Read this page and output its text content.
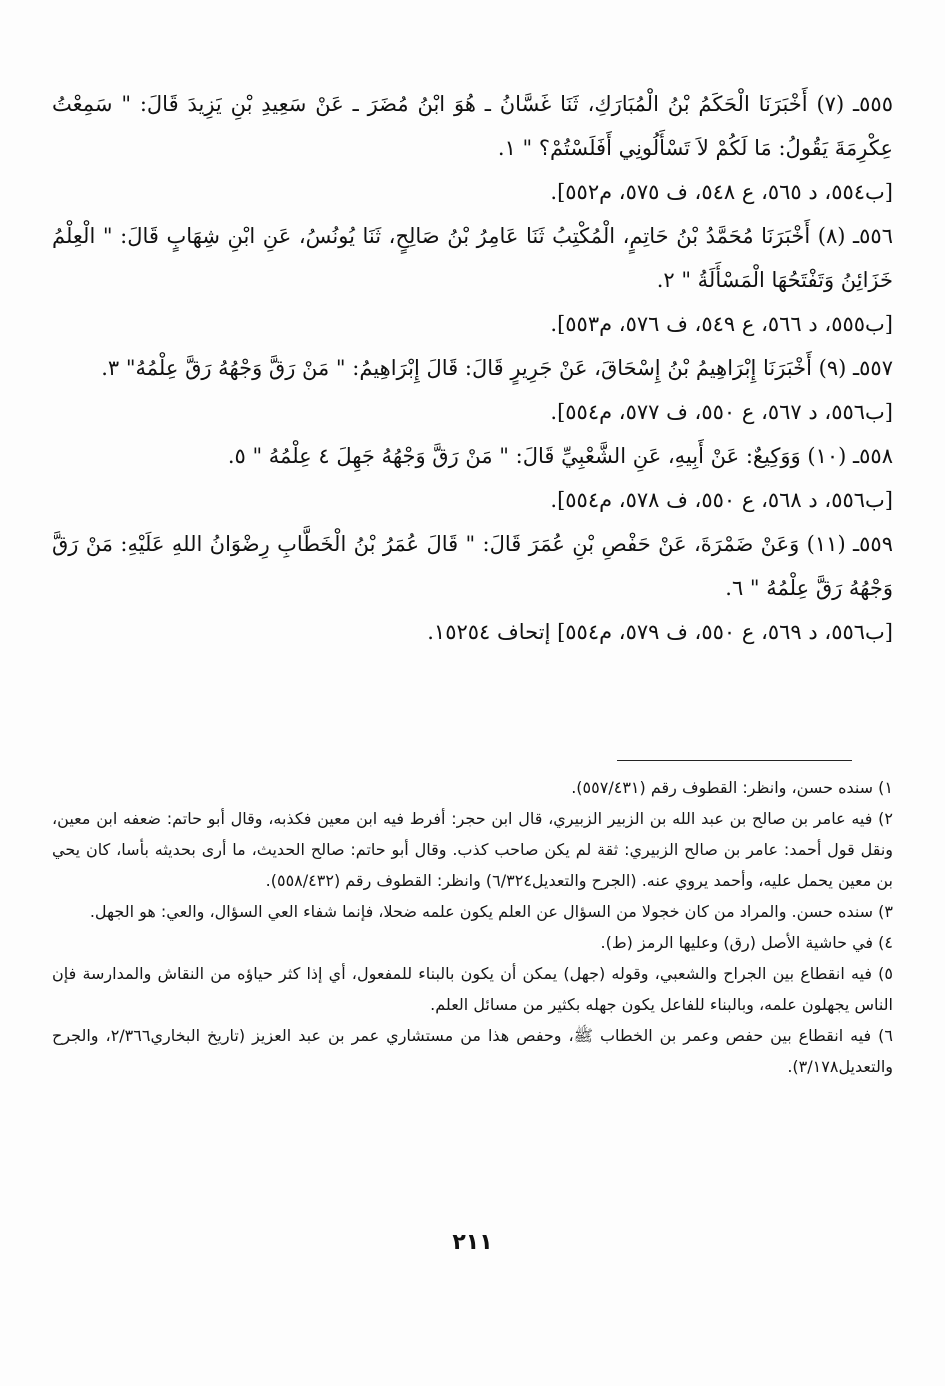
٥٥٥ـ (٧) أَخْبَرَنَا الْحَكَمُ بْنُ الْمُبَارَكِ، ثَنَا غَسَّانُ ـ هُوَ ابْنُ مُضَرَ ـ عَنْ سَعِيدِ بْنِ يَزِيدَ قَالَ: " سَمِعْتُ عِكْرِمَةَ يَقُولُ: مَا لَكُمْ لاَ تَسْأَلُونِي أَفَلَسْتُمْ؟ " ١.

[ب٥٥٤، د ٥٦٥، ع ٥٤٨، ف ٥٧٥، م٥٥٢].

٥٥٦ـ (٨) أَخْبَرَنَا مُحَمَّدُ بْنُ حَاتِمٍ، الْمُكْتِبُ ثَنَا عَامِرُ بْنُ صَالِحٍ، ثَنَا يُونُسُ، عَنِ ابْنِ شِهَابٍ قَالَ: " الْعِلْمُ خَزَائِنُ وَتَفْتَحُهَا الْمَسْأَلَةُ " ٢.

[ب٥٥٥، د ٥٦٦، ع ٥٤٩، ف ٥٧٦، م٥٥٣].

٥٥٧ـ (٩) أَخْبَرَنَا إِبْرَاهِيمُ بْنُ إِسْحَاقَ، عَنْ جَرِيرٍ قَالَ: قَالَ إِبْرَاهِيمُ: " مَنْ رَقَّ وَجْهُهُ رَقَّ عِلْمُهُ" ٣.

[ب٥٥٦، د ٥٦٧، ع ٥٥٠، ف ٥٧٧، م٥٥٤].

٥٥٨ـ (١٠) وَوَكِيعٌ: عَنْ أَبِيهِ، عَنِ الشَّعْبِيِّ قَالَ: " مَنْ رَقَّ وَجْهُهُ جَهِلَ ٤ عِلْمُهُ " ٥.

[ب٥٥٦، د ٥٦٨، ع ٥٥٠، ف ٥٧٨، م٥٥٤].

٥٥٩ـ (١١) وَعَنْ ضَمْرَةَ، عَنْ حَفْصِ بْنِ عُمَرَ قَالَ: " قَالَ عُمَرُ بْنُ الْخَطَّابِ رِضْوَانُ اللهِ عَلَيْهِ: مَنْ رَقَّ وَجْهُهُ رَقَّ عِلْمُهُ " ٦.

[ب٥٥٦، د ٥٦٩، ع ٥٥٠، ف ٥٧٩، م٥٥٤] إتحاف ١٥٢٥٤.

١) سنده حسن، وانظر: القطوف رقم (٥٥٧/٤٣١).

٢) فيه عامر بن صالح بن عبد الله بن الزبير الزبيري، قال ابن حجر: أفرط فيه ابن معين فكذبه، وقال أبو حاتم: ضعفه ابن معين، ونقل قول أحمد: عامر بن صالح الزبيري: ثقة لم يكن صاحب كذب. وقال أبو حاتم: صالح الحديث، ما أرى بحديثه بأسا، كان يحي بن معين يحمل عليه، وأحمد يروي عنه. (الجرح والتعديل٦/٣٢٤) وانظر: القطوف رقم (٥٥٨/٤٣٢).

٣) سنده حسن. والمراد من كان خجولا من السؤال عن العلم يكون علمه ضحلا، فإنما شفاء العي السؤال، والعي: هو الجهل.

٤) في حاشية الأصل (رق) وعليها الرمز (ط).

٥) فيه انقطاع بين الجراح والشعبي، وقوله (جهل) يمكن أن يكون بالبناء للمفعول، أي إذا كثر حياؤه من النقاش والمدارسة فإن الناس يجهلون علمه، وبالبناء للفاعل يكون جهله بكثير من مسائل العلم.

٦) فيه انقطاع بين حفص وعمر بن الخطاب ﷺ، وحفص هذا من مستشاري عمر بن عبد العزيز (تاريخ البخاري٢/٣٦٦، والجرح والتعديل٣/١٧٨).

٢١١
